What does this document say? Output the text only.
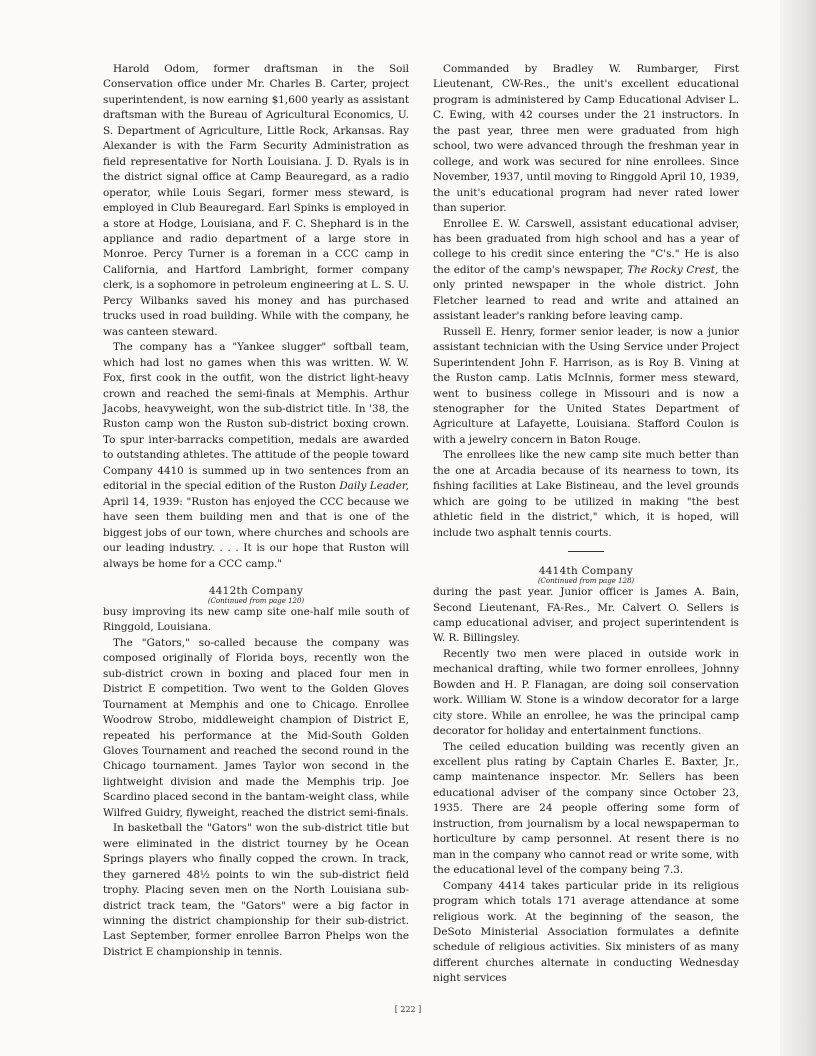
Harold Odom, former draftsman in the Soil Conservation office under Mr. Charles B. Carter, project superintendent, is now earning $1,600 yearly as assistant draftsman with the Bureau of Agricultural Economics, U. S. Department of Agriculture, Little Rock, Arkansas. Ray Alexander is with the Farm Security Administration as field representative for North Louisiana. J. D. Ryals is in the district signal office at Camp Beauregard, as a radio operator, while Louis Segari, former mess steward, is employed in Club Beauregard. Earl Spinks is employed in a store at Hodge, Louisiana, and F. C. Shephard is in the appliance and radio department of a large store in Monroe. Percy Turner is a foreman in a CCC camp in California, and Hartford Lambright, former company clerk, is a sophomore in petroleum engineering at L. S. U. Percy Wilbanks saved his money and has purchased trucks used in road building. While with the company, he was canteen steward.

The company has a "Yankee slugger" softball team, which had lost no games when this was written. W. W. Fox, first cook in the outfit, won the district light-heavy crown and reached the semi-finals at Memphis. Arthur Jacobs, heavyweight, won the sub-district title. In '38, the Ruston camp won the Ruston sub-district boxing crown. To spur inter-barracks competition, medals are awarded to outstanding athletes. The attitude of the people toward Company 4410 is summed up in two sentences from an editorial in the special edition of the Ruston Daily Leader, April 14, 1939: "Ruston has enjoyed the CCC because we have seen them building men and that is one of the biggest jobs of our town, where churches and schools are our leading industry. . . . It is our hope that Ruston will always be home for a CCC camp."

4412th Company
(Continued from page 120)

busy improving its new camp site one-half mile south of Ringgold, Louisiana.

The "Gators," so-called because the company was composed originally of Florida boys, recently won the sub-district crown in boxing and placed four men in District E competition. Two went to the Golden Gloves Tournament at Memphis and one to Chicago. Enrollee Woodrow Strobo, middleweight champion of District E, repeated his performance at the Mid-South Golden Gloves Tournament and reached the second round in the Chicago tournament. James Taylor won second in the lightweight division and made the Memphis trip. Joe Scardino placed second in the bantam-weight class, while Wilfred Guidry, flyweight, reached the district semi-finals.

In basketball the "Gators" won the sub-district title but were eliminated in the district tourney by he Ocean Springs players who finally copped the crown. In track, they garnered 48½ points to win the sub-district field trophy. Placing seven men on the North Louisiana sub-district track team, the "Gators" were a big factor in winning the district championship for their sub-district. Last September, former enrollee Barron Phelps won the District E championship in tennis.

Commanded by Bradley W. Rumbarger, First Lieutenant, CW-Res., the unit's excellent educational program is administered by Camp Educational Adviser L. C. Ewing, with 42 courses under the 21 instructors. In the past year, three men were graduated from high school, two were advanced through the freshman year in college, and work was secured for nine enrollees. Since November, 1937, until moving to Ringgold April 10, 1939, the unit's educational program had never rated lower than superior.

Enrollee E. W. Carswell, assistant educational adviser, has been graduated from high school and has a year of college to his credit since entering the "C's." He is also the editor of the camp's newspaper, The Rocky Crest, the only printed newspaper in the whole district. John Fletcher learned to read and write and attained an assistant leader's ranking before leaving camp.

Russell E. Henry, former senior leader, is now a junior assistant technician with the Using Service under Project Superintendent John F. Harrison, as is Roy B. Vining at the Ruston camp. Latis McInnis, former mess steward, went to business college in Missouri and is now a stenographer for the United States Department of Agriculture at Lafayette, Louisiana. Stafford Coulon is with a jewelry concern in Baton Rouge.

The enrollees like the new camp site much better than the one at Arcadia because of its nearness to town, its fishing facilities at Lake Bistineau, and the level grounds which are going to be utilized in making "the best athletic field in the district," which, it is hoped, will include two asphalt tennis courts.

4414th Company
(Continued from page 128)

during the past year. Junior officer is James A. Bain, Second Lieutenant, FA-Res., Mr. Calvert O. Sellers is camp educational adviser, and project superintendent is W. R. Billingsley.

Recently two men were placed in outside work in mechanical drafting, while two former enrollees, Johnny Bowden and H. P. Flanagan, are doing soil conservation work. William W. Stone is a window decorator for a large city store. While an enrollee, he was the principal camp decorator for holiday and entertainment functions.

The ceiled education building was recently given an excellent plus rating by Captain Charles E. Baxter, Jr., camp maintenance inspector. Mr. Sellers has been educational adviser of the company since October 23, 1935. There are 24 people offering some form of instruction, from journalism by a local newspaperman to horticulture by camp personnel. At resent there is no man in the company who cannot read or write some, with the educational level of the company being 7.3.

Company 4414 takes particular pride in its religious program which totals 171 average attendance at some religious work. At the beginning of the season, the DeSoto Ministerial Association formulates a definite schedule of religious activities. Six ministers of as many different churches alternate in conducting Wednesday night services

[ 222 ]
